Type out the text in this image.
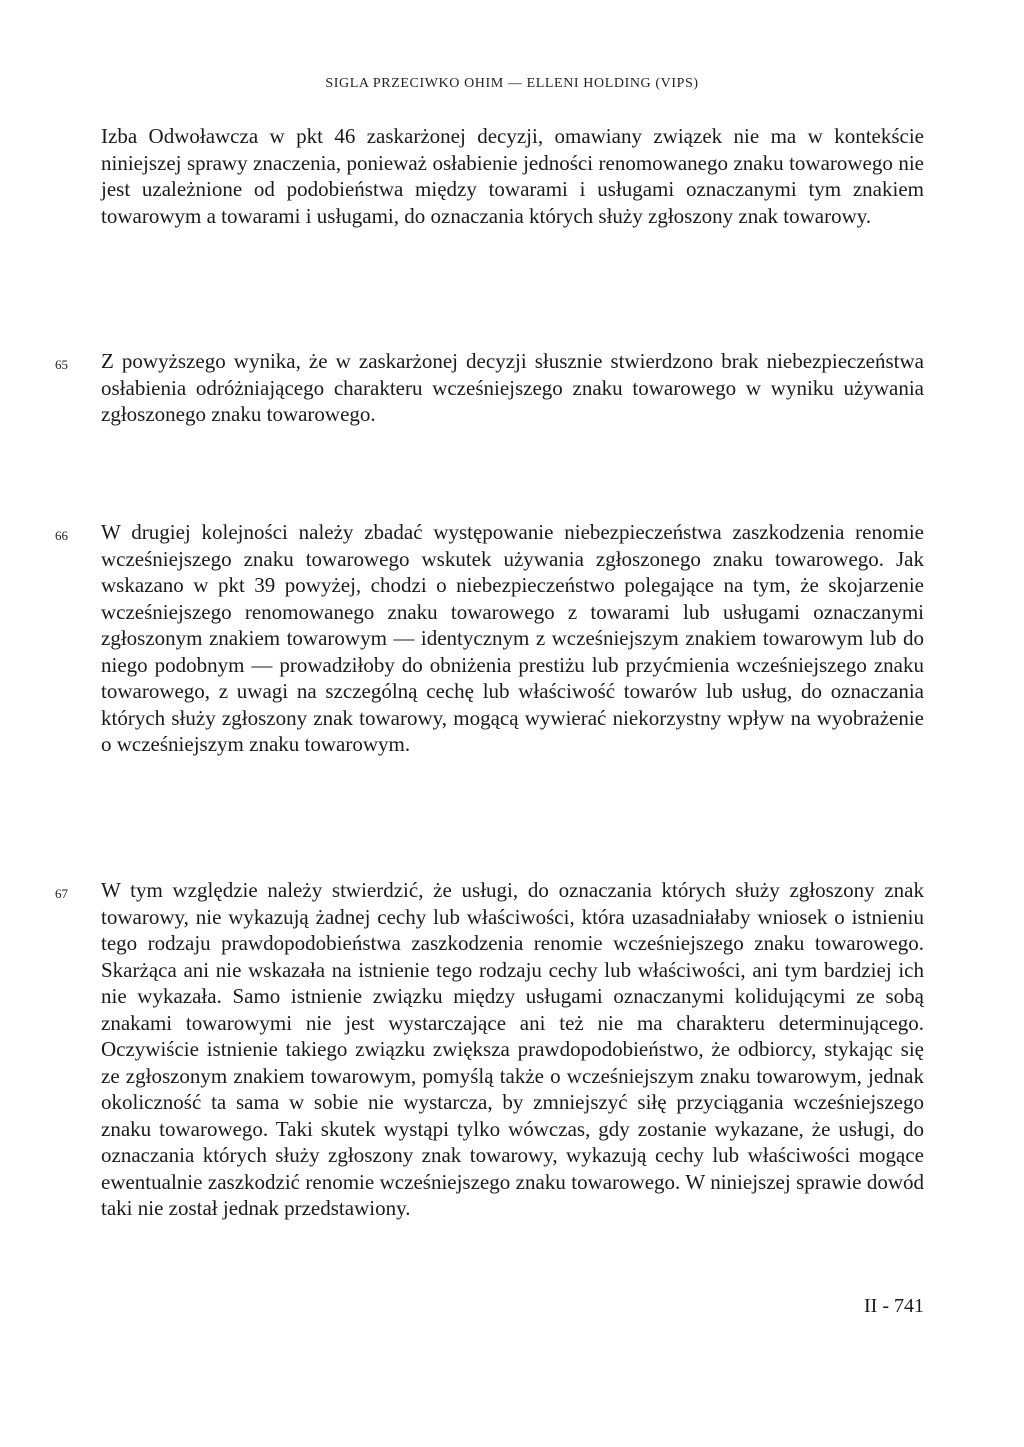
SIGLA PRZECIWKO OHIM — ELLENI HOLDING (VIPS)

Izba Odwoławcza w pkt 46 zaskarżonej decyzji, omawiany związek nie ma w kontekście niniejszej sprawy znaczenia, ponieważ osłabienie jedności renomowanego znaku towarowego nie jest uzależnione od podobieństwa między towarami i usługami oznaczanymi tym znakiem towarowym a towarami i usługami, do oznaczania których służy zgłoszony znak towarowy.

65 Z powyższego wynika, że w zaskarżonej decyzji słusznie stwierdzono brak niebezpieczeństwa osłabienia odróżniającego charakteru wcześniejszego znaku towarowego w wyniku używania zgłoszonego znaku towarowego.

66 W drugiej kolejności należy zbadać występowanie niebezpieczeństwa zaszkodzenia renomie wcześniejszego znaku towarowego wskutek używania zgłoszonego znaku towarowego. Jak wskazano w pkt 39 powyżej, chodzi o niebezpieczeństwo polegające na tym, że skojarzenie wcześniejszego renomowanego znaku towarowego z towarami lub usługami oznaczanymi zgłoszonym znakiem towarowym — identycznym z wcześniejszym znakiem towarowym lub do niego podobnym — prowadziłoby do obniżenia prestiżu lub przyćmienia wcześniejszego znaku towarowego, z uwagi na szczególną cechę lub właściwość towarów lub usług, do oznaczania których służy zgłoszony znak towarowy, mogącą wywierać niekorzystny wpływ na wyobrażenie o wcześniejszym znaku towarowym.

67 W tym względzie należy stwierdzić, że usługi, do oznaczania których służy zgłoszony znak towarowy, nie wykazują żadnej cechy lub właściwości, która uzasadniałaby wniosek o istnieniu tego rodzaju prawdopodobieństwa zaszkodzenia renomie wcześniejszego znaku towarowego. Skarżąca ani nie wskazała na istnienie tego rodzaju cechy lub właściwości, ani tym bardziej ich nie wykazała. Samo istnienie związku między usługami oznaczanymi kolidującymi ze sobą znakami towarowymi nie jest wystarczające ani też nie ma charakteru determinującego. Oczywiście istnienie takiego związku zwiększa prawdopodobieństwo, że odbiorcy, stykając się ze zgłoszonym znakiem towarowym, pomyślą także o wcześniejszym znaku towarowym, jednak okoliczność ta sama w sobie nie wystarcza, by zmniejszyć siłę przyciągania wcześniejszego znaku towarowego. Taki skutek wystąpi tylko wówczas, gdy zostanie wykazane, że usługi, do oznaczania których służy zgłoszony znak towarowy, wykazują cechy lub właściwości mogące ewentualnie zaszkodzić renomie wcześniejszego znaku towarowego. W niniejszej sprawie dowód taki nie został jednak przedstawiony.

II - 741
